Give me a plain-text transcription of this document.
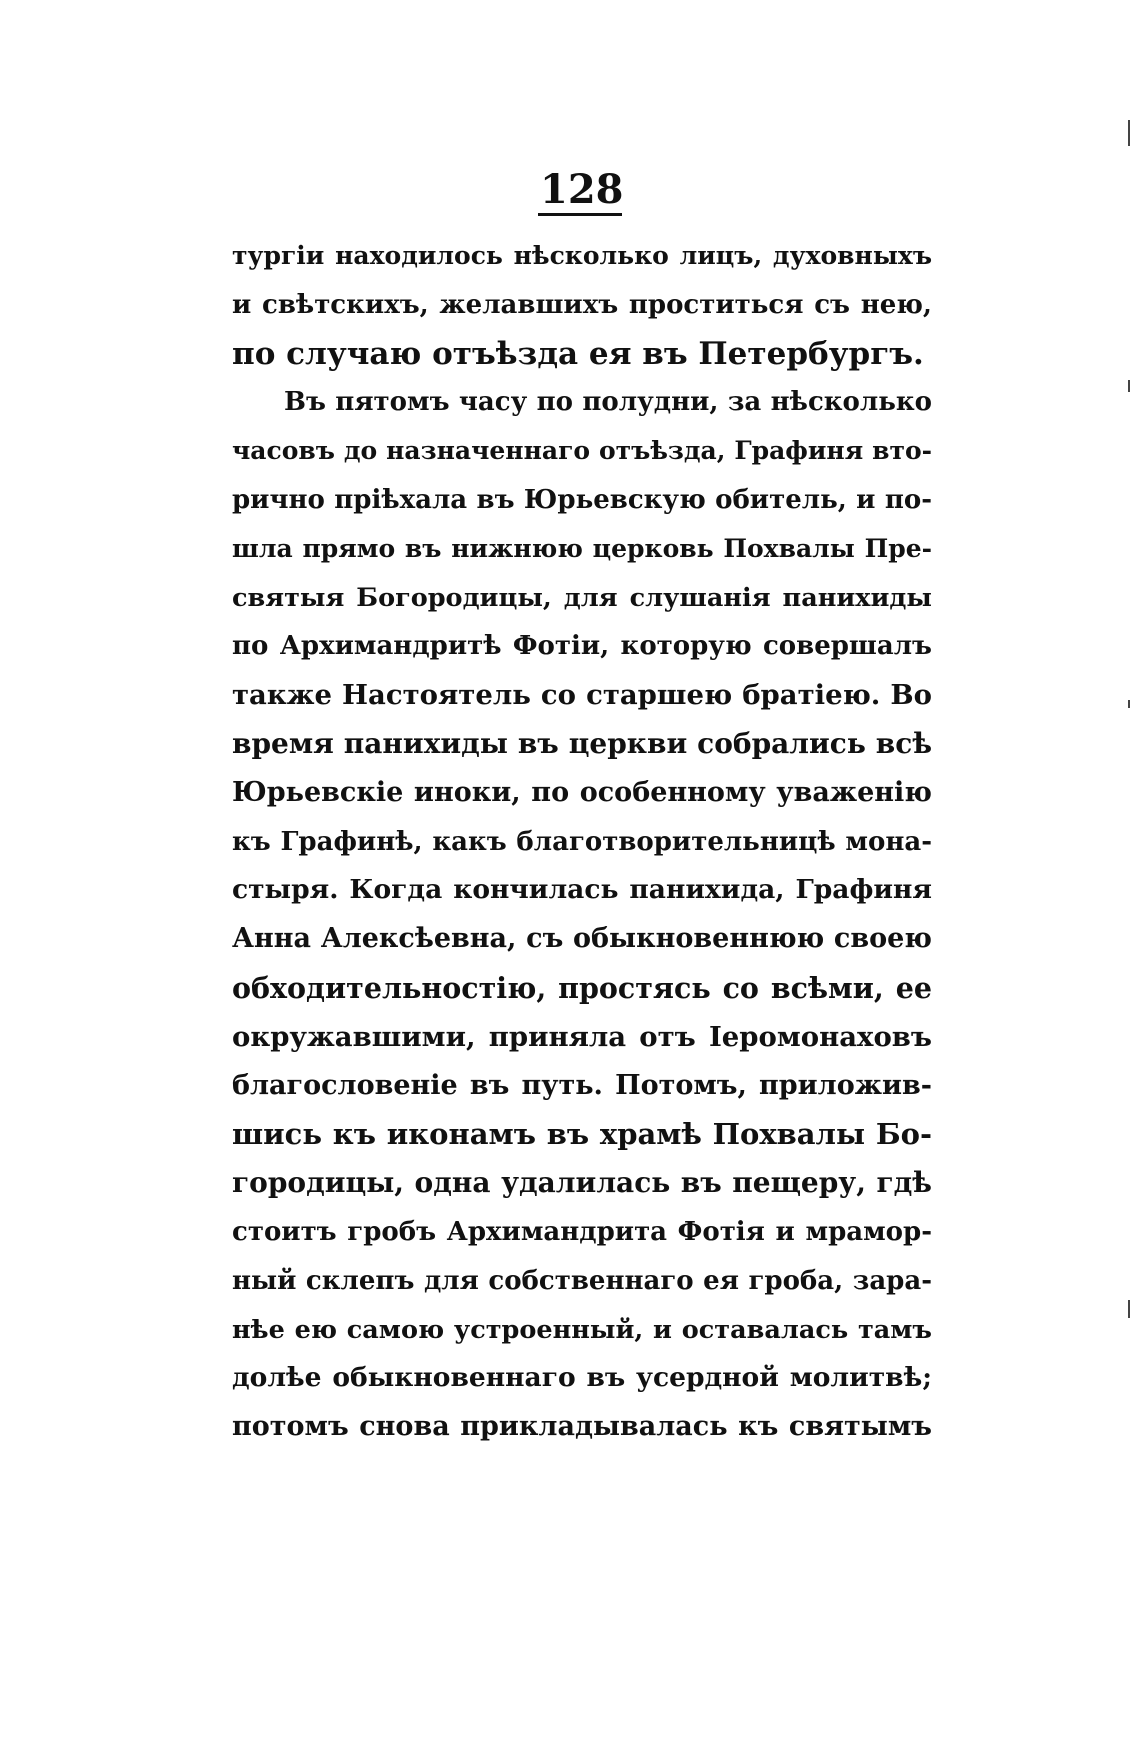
128
тургіи находилось нѣсколько лицъ, духовныхъ
и свѣтскихъ, желавшихъ проститься съ нею,
по случаю отъѣзда ея въ Петербургъ.
Въ пятомъ часу по полудни, за нѣсколько
часовъ до назначеннаго отъѣзда, Графиня вто-
рично пріѣхала въ Юрьевскую обитель, и по-
шла прямо въ нижнюю церковь Похвалы Пре-
святыя Богородицы, для слушанія панихиды
по Архимандритѣ Фотіи, которую совершалъ
также Настоятель со старшею братіею. Во
время панихиды въ церкви собрались всѣ
Юрьевскіе иноки, по особенному уваженію
къ Графинѣ, какъ благотворительницѣ мона-
стыря. Когда кончилась панихида, Графиня
Анна Алексѣевна, съ обыкновеннюю своею
обходительностію, простясь со всѣми, ее
окружавшими, приняла отъ Іеромонаховъ
благословеніе въ путь. Потомъ, приложив-
шись къ иконамъ въ храмѣ Похвалы Бо-
городицы, одна удалилась въ пещеру, гдѣ
стоитъ гробъ Архимандрита Фотія и мрамор-
ный склепъ для собственнаго ея гроба, зара-
нѣе ею самою устроенный, и оставалась тамъ
долѣе обыкновеннаго въ усердной молитвѣ;
потомъ снова прикладывалась къ святымъ
